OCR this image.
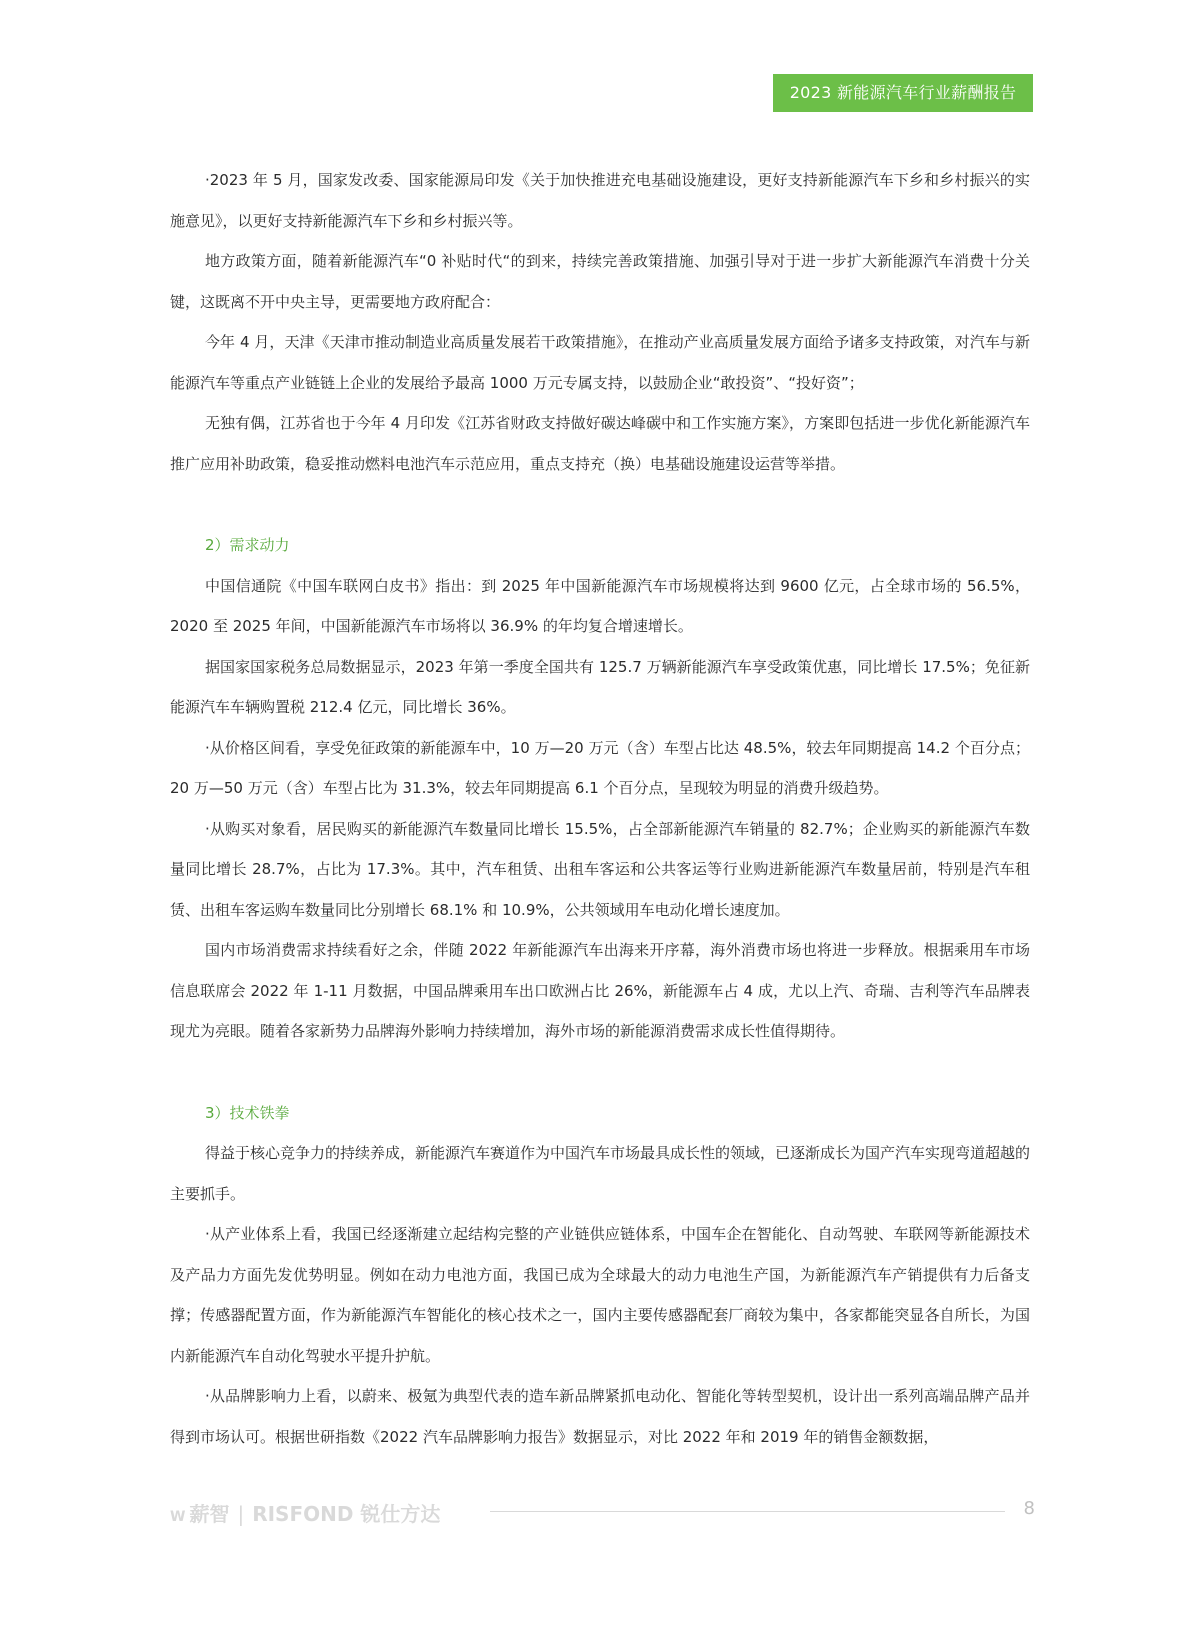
2023 新能源汽车行业薪酬报告

·2023 年 5 月，国家发改委、国家能源局印发《关于加快推进充电基础设施建设，更好支持新能源汽车下乡和乡村振兴的实施意见》，以更好支持新能源汽车下乡和乡村振兴等。

地方政策方面，随着新能源汽车“0 补贴时代“的到来，持续完善政策措施、加强引导对于进一步扩大新能源汽车消费十分关键，这既离不开中央主导，更需要地方政府配合：

今年 4 月，天津《天津市推动制造业高质量发展若干政策措施》，在推动产业高质量发展方面给予诸多支持政策，对汽车与新能源汽车等重点产业链链上企业的发展给予最高 1000 万元专属支持，以鼓励企业“敢投资”、“投好资”；

无独有偶，江苏省也于今年 4 月印发《江苏省财政支持做好碳达峰碳中和工作实施方案》，方案即包括进一步优化新能源汽车推广应用补助政策，稳妥推动燃料电池汽车示范应用，重点支持充（换）电基础设施建设运营等举措。

2）需求动力

中国信通院《中国车联网白皮书》指出：到 2025 年中国新能源汽车市场规模将达到 9600 亿元，占全球市场的 56.5%，2020 至 2025 年间，中国新能源汽车市场将以 36.9% 的年均复合增速增长。

据国家国家税务总局数据显示，2023 年第一季度全国共有 125.7 万辆新能源汽车享受政策优惠，同比增长 17.5%；免征新能源汽车车辆购置税 212.4 亿元，同比增长 36%。

·从价格区间看，享受免征政策的新能源车中，10 万—20 万元（含）车型占比达 48.5%，较去年同期提高 14.2 个百分点；20 万—50 万元（含）车型占比为 31.3%，较去年同期提高 6.1 个百分点，呈现较为明显的消费升级趋势。

·从购买对象看，居民购买的新能源汽车数量同比增长 15.5%，占全部新能源汽车销量的 82.7%；企业购买的新能源汽车数量同比增长 28.7%，占比为 17.3%。其中，汽车租赁、出租车客运和公共客运等行业购进新能源汽车数量居前，特别是汽车租赁、出租车客运购车数量同比分别增长 68.1% 和 10.9%，公共领域用车电动化增长速度加。

国内市场消费需求持续看好之余，伴随 2022 年新能源汽车出海来开序幕，海外消费市场也将进一步释放。根据乘用车市场信息联席会 2022 年 1-11 月数据，中国品牌乘用车出口欧洲占比 26%，新能源车占 4 成，尤以上汽、奇瑞、吉利等汽车品牌表现尤为亮眼。随着各家新势力品牌海外影响力持续增加，海外市场的新能源消费需求成长性值得期待。

3）技术铁拳

得益于核心竞争力的持续养成，新能源汽车赛道作为中国汽车市场最具成长性的领域，已逐渐成长为国产汽车实现弯道超越的主要抓手。

·从产业体系上看，我国已经逐渐建立起结构完整的产业链供应链体系，中国车企在智能化、自动驾驶、车联网等新能源技术及产品力方面先发优势明显。例如在动力电池方面，我国已成为全球最大的动力电池生产国，为新能源汽车产销提供有力后备支撑；传感器配置方面，作为新能源汽车智能化的核心技术之一，国内主要传感器配套厂商较为集中，各家都能突显各自所长，为国内新能源汽车自动化驾驶水平提升护航。

·从品牌影响力上看，以蔚来、极氪为典型代表的造车新品牌紧抓电动化、智能化等转型契机，设计出一系列高端品牌产品并得到市场认可。根据世研指数《2022 汽车品牌影响力报告》数据显示，对比 2022 年和 2019 年的销售金额数据，

W 薪智 | RISFOND 锐仕方达	8
